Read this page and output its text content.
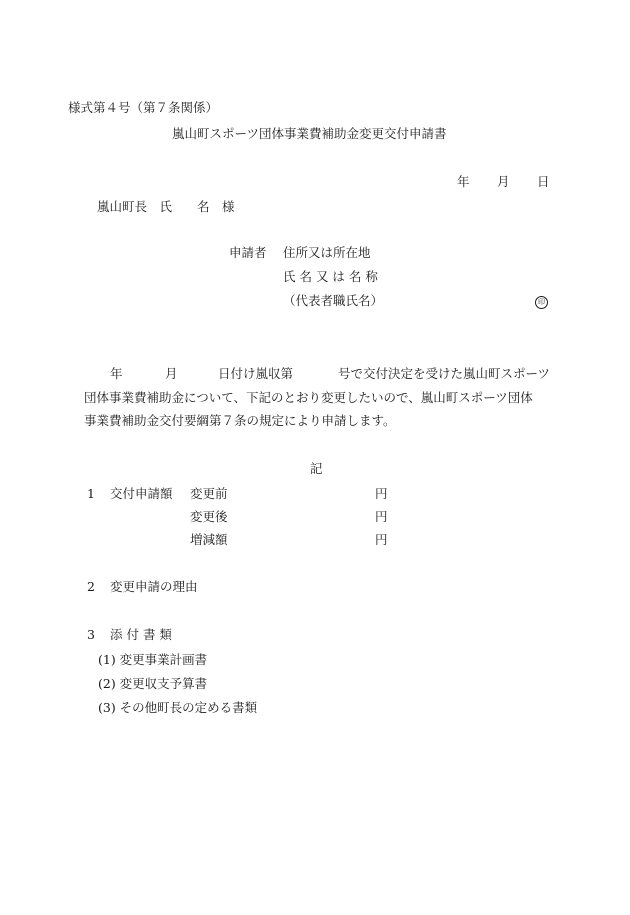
様式第４号（第７条関係）
嵐山町スポーツ団体事業費補助金変更交付申請書
年 月 日
嵐山町長　氏　　名　様
申請者 住所又は所在地
氏 名 又 は 名 称
（代表者職氏名）	印
年	月	日付け嵐収第	号で交付決定を受けた嵐山町スポーツ
団体事業費補助金について、下記のとおり変更したいので、嵐山町スポーツ団体
事業費補助金交付要綱第７条の規定により申請します。
記
1 交付申請額 変更前	円
変更後	円
増減額	円
2 変更申請の理由
3 添 付 書 類
(1) 変更事業計画書
(2) 変更収支予算書
(3) その他町長の定める書類
